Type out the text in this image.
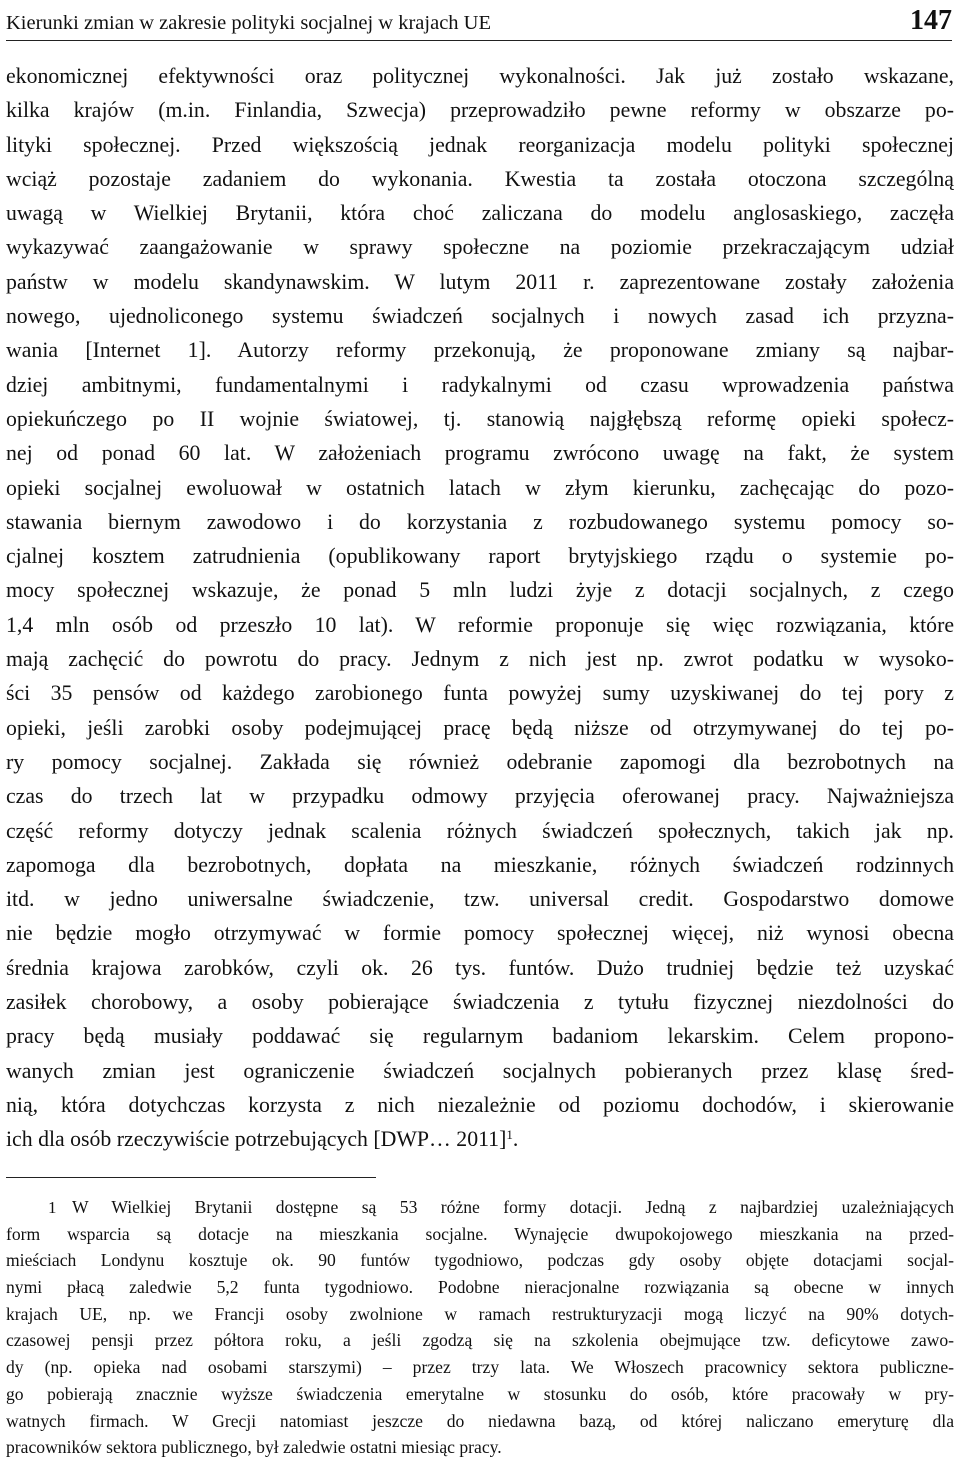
Kierunki zmian w zakresie polityki socjalnej w krajach UE	147
ekonomicznej efektywności oraz politycznej wykonalności. Jak już zostało wskazane,
kilka krajów (m.in. Finlandia, Szwecja) przeprowadziło pewne reformy w obszarze po-
lityki społecznej. Przed większością jednak reorganizacja modelu polityki społecznej
wciąż pozostaje zadaniem do wykonania. Kwestia ta została otoczona szczególną
uwagą w Wielkiej Brytanii, która choć zaliczana do modelu anglosaskiego, zaczęła
wykazywać zaangażowanie w sprawy społeczne na poziomie przekraczającym udział
państw w modelu skandynawskim. W lutym 2011 r. zaprezentowane zostały założenia
nowego, ujednoliconego systemu świadczeń socjalnych i nowych zasad ich przyzna-
wania [Internet 1]. Autorzy reformy przekonują, że proponowane zmiany są najbar-
dziej ambitnymi, fundamentalnymi i radykalnymi od czasu wprowadzenia państwa
opiekuńczego po II wojnie światowej, tj. stanowią najgłębszą reformę opieki społecz-
nej od ponad 60 lat. W założeniach programu zwrócono uwagę na fakt, że system
opieki socjalnej ewoluował w ostatnich latach w złym kierunku, zachęcając do pozo-
stawania biernym zawodowo i do korzystania z rozbudowanego systemu pomocy so-
cjalnej kosztem zatrudnienia (opublikowany raport brytyjskiego rządu o systemie po-
mocy społecznej wskazuje, że ponad 5 mln ludzi żyje z dotacji socjalnych, z czego
1,4 mln osób od przeszło 10 lat). W reformie proponuje się więc rozwiązania, które
mają zachęcić do powrotu do pracy. Jednym z nich jest np. zwrot podatku w wysoko-
ści 35 pensów od każdego zarobionego funta powyżej sumy uzyskiwanej do tej pory z
opieki, jeśli zarobki osoby podejmującej pracę będą niższe od otrzymywanej do tej po-
ry pomocy socjalnej. Zakłada się również odebranie zapomogi dla bezrobotnych na
czas do trzech lat w przypadku odmowy przyjęcia oferowanej pracy. Najważniejsza
część reformy dotyczy jednak scalenia różnych świadczeń społecznych, takich jak np.
zapomoga dla bezrobotnych, dopłata na mieszkanie, różnych świadczeń rodzinnych
itd. w jedno uniwersalne świadczenie, tzw. universal credit. Gospodarstwo domowe
nie będzie mogło otrzymywać w formie pomocy społecznej więcej, niż wynosi obecna
średnia krajowa zarobków, czyli ok. 26 tys. funtów. Dużo trudniej będzie też uzyskać
zasiłek chorobowy, a osoby pobierające świadczenia z tytułu fizycznej niezdolności do
pracy będą musiały poddawać się regularnym badaniom lekarskim. Celem propono-
wanych zmian jest ograniczenie świadczeń socjalnych pobieranych przez klasę śred-
nią, która dotychczas korzysta z nich niezależnie od poziomu dochodów, i skierowanie
ich dla osób rzeczywiście potrzebujących [DWP… 2011]$^1$.
1 W Wielkiej Brytanii dostępne są 53 różne formy dotacji. Jedną z najbardziej uzależniających
form wsparcia są dotacje na mieszkania socjalne. Wynajęcie dwupokojowego mieszkania na przed-
mieściach Londynu kosztuje ok. 90 funtów tygodniowo, podczas gdy osoby objęte dotacjami socjal-
nymi płacą zaledwie 5,2 funta tygodniowo. Podobne nieracjonalne rozwiązania są obecne w innych
krajach UE, np. we Francji osoby zwolnione w ramach restrukturyzacji mogą liczyć na 90% dotych-
czasowej pensji przez półtora roku, a jeśli zgodzą się na szkolenia obejmujące tzw. deficytowe zawo-
dy (np. opieka nad osobami starszymi) – przez trzy lata. We Włoszech pracownicy sektora publiczne-
go pobierają znacznie wyższe świadczenia emerytalne w stosunku do osób, które pracowały w pry-
watnych firmach. W Grecji natomiast jeszcze do niedawna bazą, od której naliczano emeryturę dla
pracowników sektora publicznego, był zaledwie ostatni miesiąc pracy.
